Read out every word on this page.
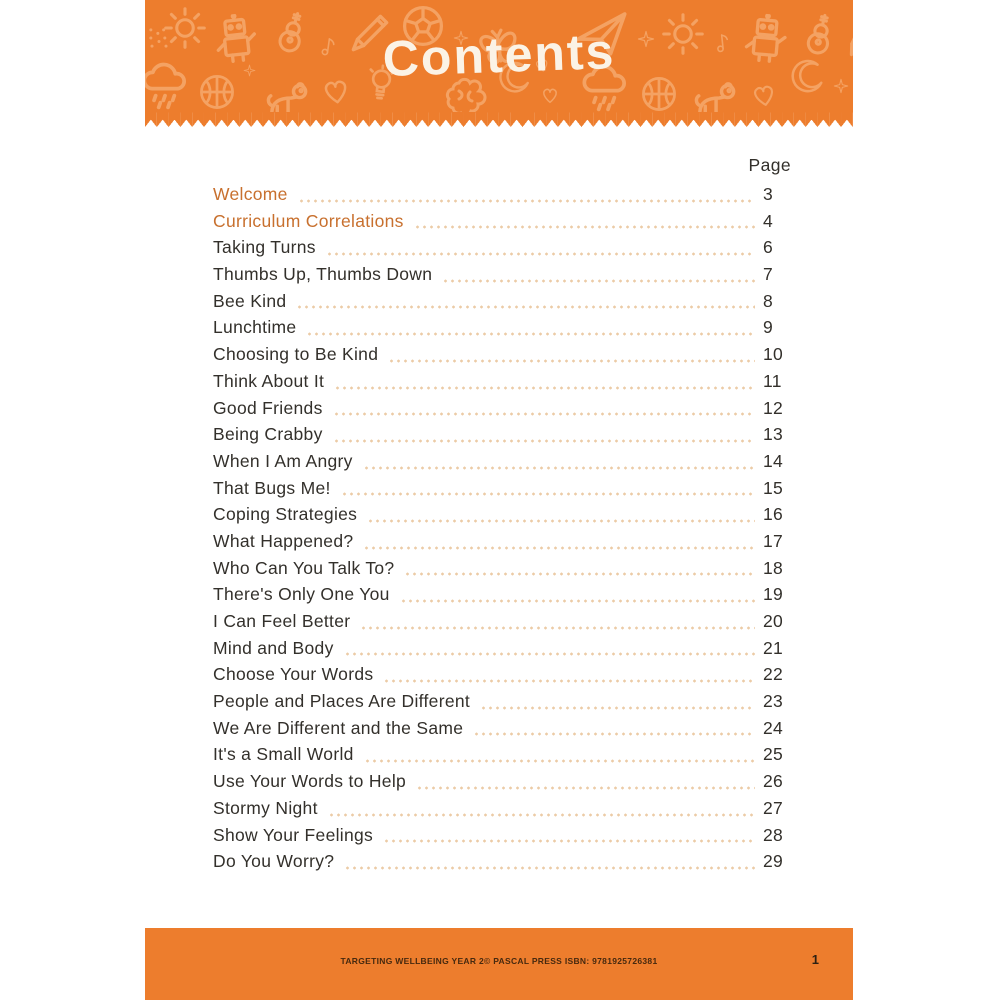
Contents
Page
Welcome	3
Curriculum Correlations	4
Taking Turns	6
Thumbs Up, Thumbs Down	7
Bee Kind	8
Lunchtime	9
Choosing to Be Kind	10
Think About It	11
Good Friends	12
Being Crabby	13
When I Am Angry	14
That Bugs Me!	15
Coping Strategies	16
What Happened?	17
Who Can You Talk To?	18
There's Only One You	19
I Can Feel Better	20
Mind and Body	21
Choose Your Words	22
People and Places Are Different	23
We Are Different and the Same	24
It's a Small World	25
Use Your Words to Help	26
Stormy Night	27
Show Your Feelings	28
Do You Worry?	29
TARGETING WELLBEING YEAR 2© PASCAL PRESS ISBN: 9781925726381	1
